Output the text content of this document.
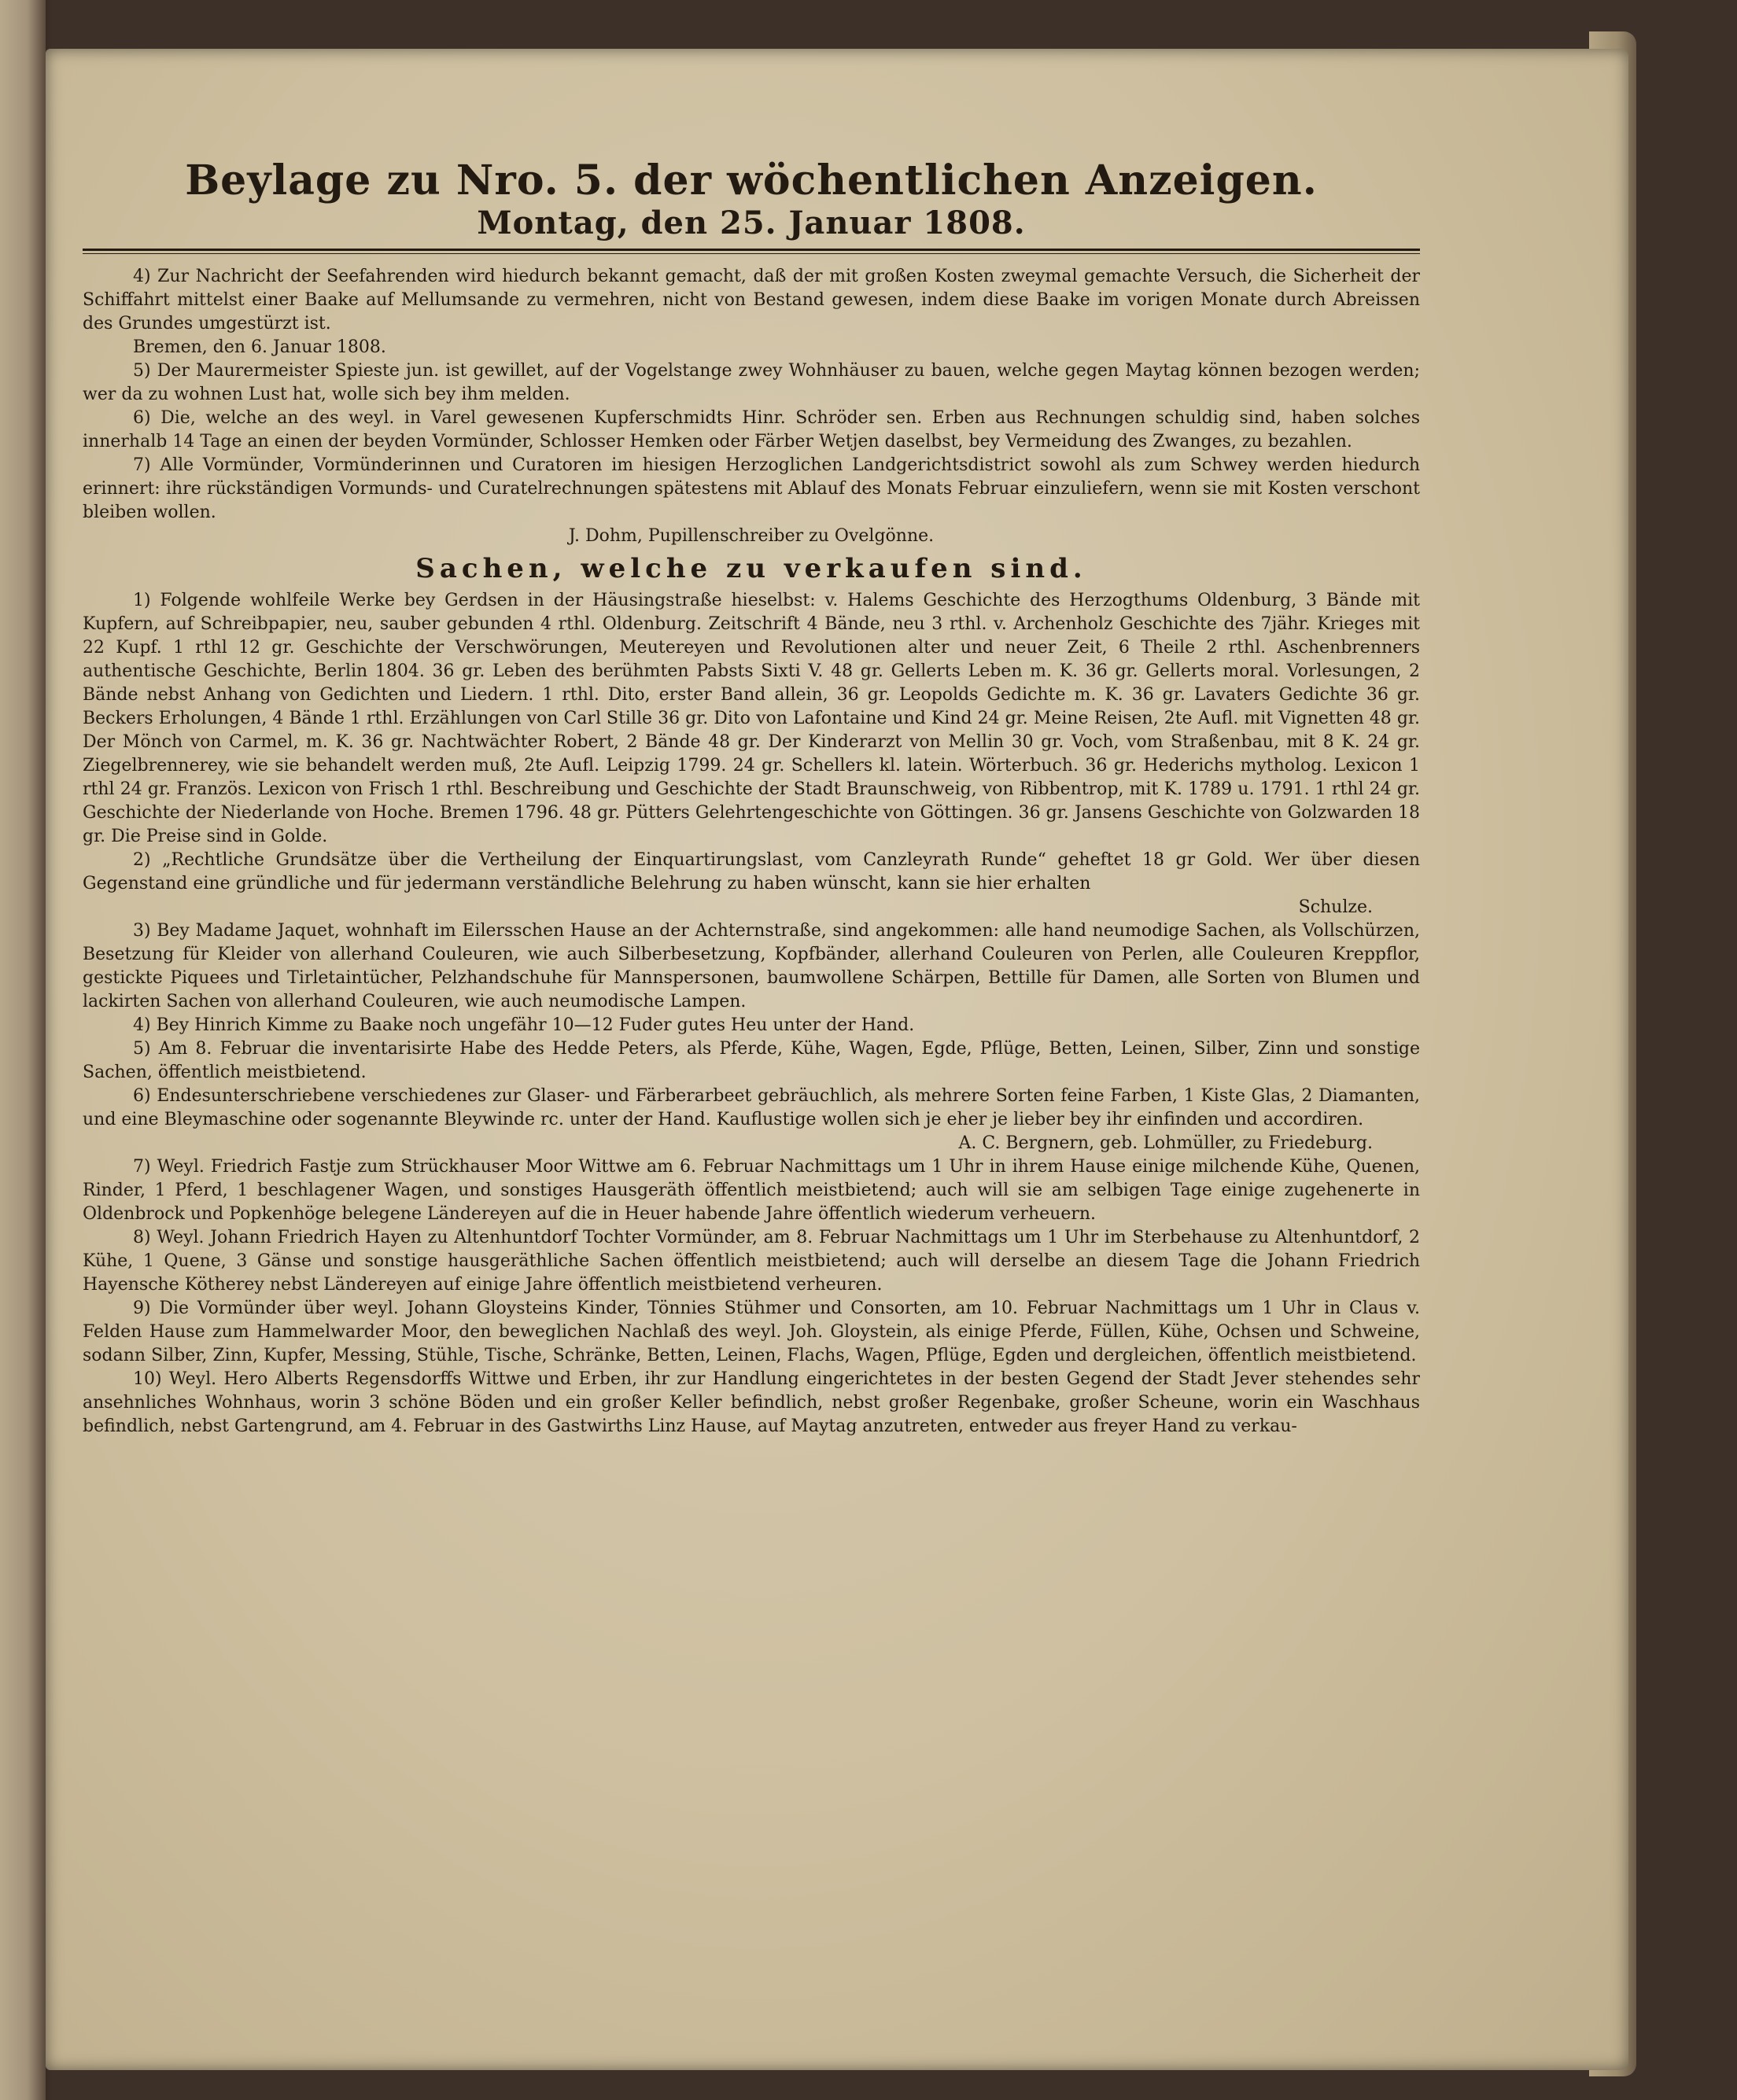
Beylage zu Nro. 5. der wöchentlichen Anzeigen.

Montag, den 25. Januar 1808.

4) Zur Nachricht der Seefahrenden wird hiedurch bekannt gemacht, daß der mit großen Kosten zweymal gemachte Versuch, die Sicherheit der Schiffahrt mittelst einer Baake auf Mellumsande zu vermehren, nicht von Bestand gewesen, indem diese Baake im vorigen Monate durch Abreissen des Grundes umgestürzt ist.

Bremen, den 6. Januar 1808.

5) Der Maurermeister Spieste jun. ist gewillet, auf der Vogelstange zwey Wohnhäuser zu bauen, welche gegen Maytag können bezogen werden; wer da zu wohnen Lust hat, wolle sich bey ihm melden.

6) Die, welche an des weyl. in Varel gewesenen Kupferschmidts Hinr. Schröder sen. Erben aus Rechnungen schuldig sind, haben solches innerhalb 14 Tage an einen der beyden Vormünder, Schlosser Hemken oder Färber Wetjen daselbst, bey Vermeidung des Zwanges, zu bezahlen.

7) Alle Vormünder, Vormünderinnen und Curatoren im hiesigen Herzoglichen Landgerichtsdistrict sowohl als zum Schwey werden hiedurch erinnert: ihre rückständigen Vormunds- und Curatelrechnungen spätestens mit Ablauf des Monats Februar einzuliefern, wenn sie mit Kosten verschont bleiben wollen.

J. Dohm, Pupillenschreiber zu Ovelgönne.

Sachen, welche zu verkaufen sind.

1) Folgende wohlfeile Werke bey Gerdsen in der Häusingstraße hieselbst: v. Halems Geschichte des Herzogthums Oldenburg, 3 Bände mit Kupfern, auf Schreibpapier, neu, sauber gebunden 4 rthl. Oldenburg. Zeitschrift 4 Bände, neu 3 rthl. v. Archenholz Geschichte des 7jähr. Krieges mit 22 Kupf. 1 rthl 12 gr. Geschichte der Verschwörungen, Meutereyen und Revolutionen alter und neuer Zeit, 6 Theile 2 rthl. Aschenbrenners authentische Geschichte, Berlin 1804. 36 gr. Leben des berühmten Pabsts Sixti V. 48 gr. Gellerts Leben m. K. 36 gr. Gellerts moral. Vorlesungen, 2 Bände nebst Anhang von Gedichten und Liedern. 1 rthl. Dito, erster Band allein, 36 gr. Leopolds Gedichte m. K. 36 gr. Lavaters Gedichte 36 gr. Beckers Erholungen, 4 Bände 1 rthl. Erzählungen von Carl Stille 36 gr. Dito von Lafontaine und Kind 24 gr. Meine Reisen, 2te Aufl. mit Vignetten 48 gr. Der Mönch von Carmel, m. K. 36 gr. Nachtwächter Robert, 2 Bände 48 gr. Der Kinderarzt von Mellin 30 gr. Voch, vom Straßenbau, mit 8 K. 24 gr. Ziegelbrennerey, wie sie behandelt werden muß, 2te Aufl. Leipzig 1799. 24 gr. Schellers kl. latein. Wörterbuch. 36 gr. Hederichs mytholog. Lexicon 1 rthl 24 gr. Französ. Lexicon von Frisch 1 rthl. Beschreibung und Geschichte der Stadt Braunschweig, von Ribbentrop, mit K. 1789 u. 1791. 1 rthl 24 gr. Geschichte der Niederlande von Hoche. Bremen 1796. 48 gr. Pütters Gelehrtengeschichte von Göttingen. 36 gr. Jansens Geschichte von Golzwarden 18 gr. Die Preise sind in Golde.

2) „Rechtliche Grundsätze über die Vertheilung der Einquartirungslast, vom Canzleyrath Runde“ geheftet 18 gr Gold. Wer über diesen Gegenstand eine gründliche und für jedermann verständliche Belehrung zu haben wünscht, kann sie hier erhalten

Schulze.

3) Bey Madame Jaquet, wohnhaft im Eilersschen Hause an der Achternstraße, sind angekommen: alle hand neumodige Sachen, als Vollschürzen, Besetzung für Kleider von allerhand Couleuren, wie auch Silberbesetzung, Kopfbänder, allerhand Couleuren von Perlen, alle Couleuren Kreppflor, gestickte Piquees und Tirletaintücher, Pelzhandschuhe für Mannspersonen, baumwollene Schärpen, Bettille für Damen, alle Sorten von Blumen und lackirten Sachen von allerhand Couleuren, wie auch neumodische Lampen.

4) Bey Hinrich Kimme zu Baake noch ungefähr 10—12 Fuder gutes Heu unter der Hand.

5) Am 8. Februar die inventarisirte Habe des Hedde Peters, als Pferde, Kühe, Wagen, Egde, Pflüge, Betten, Leinen, Silber, Zinn und sonstige Sachen, öffentlich meistbietend.

6) Endesunterschriebene verschiedenes zur Glaser- und Färberarbeet gebräuchlich, als mehrere Sorten feine Farben, 1 Kiste Glas, 2 Diamanten, und eine Bleymaschine oder sogenannte Bleywinde rc. unter der Hand. Kauflustige wollen sich je eher je lieber bey ihr einfinden und accordiren.

A. C. Bergnern, geb. Lohmüller, zu Friedeburg.

7) Weyl. Friedrich Fastje zum Strückhauser Moor Wittwe am 6. Februar Nachmittags um 1 Uhr in ihrem Hause einige milchende Kühe, Quenen, Rinder, 1 Pferd, 1 beschlagener Wagen, und sonstiges Hausgeräth öffentlich meistbietend; auch will sie am selbigen Tage einige zugehenerte in Oldenbrock und Popkenhöge belegene Ländereyen auf die in Heuer habende Jahre öffentlich wiederum verheuern.

8) Weyl. Johann Friedrich Hayen zu Altenhuntdorf Tochter Vormünder, am 8. Februar Nachmittags um 1 Uhr im Sterbehause zu Altenhuntdorf, 2 Kühe, 1 Quene, 3 Gänse und sonstige hausgeräthliche Sachen öffentlich meistbietend; auch will derselbe an diesem Tage die Johann Friedrich Hayensche Kötherey nebst Ländereyen auf einige Jahre öffentlich meistbietend verheuren.

9) Die Vormünder über weyl. Johann Gloysteins Kinder, Tönnies Stühmer und Consorten, am 10. Februar Nachmittags um 1 Uhr in Claus v. Felden Hause zum Hammelwarder Moor, den beweglichen Nachlaß des weyl. Joh. Gloystein, als einige Pferde, Füllen, Kühe, Ochsen und Schweine, sodann Silber, Zinn, Kupfer, Messing, Stühle, Tische, Schränke, Betten, Leinen, Flachs, Wagen, Pflüge, Egden und dergleichen, öffentlich meistbietend.

10) Weyl. Hero Alberts Regensdorffs Wittwe und Erben, ihr zur Handlung eingerichtetes in der besten Gegend der Stadt Jever stehendes sehr ansehnliches Wohnhaus, worin 3 schöne Böden und ein großer Keller befindlich, nebst großer Regenbake, großer Scheune, worin ein Waschhaus befindlich, nebst Gartengrund, am 4. Februar in des Gastwirths Linz Hause, auf Maytag anzutreten, entweder aus freyer Hand zu verkau-
